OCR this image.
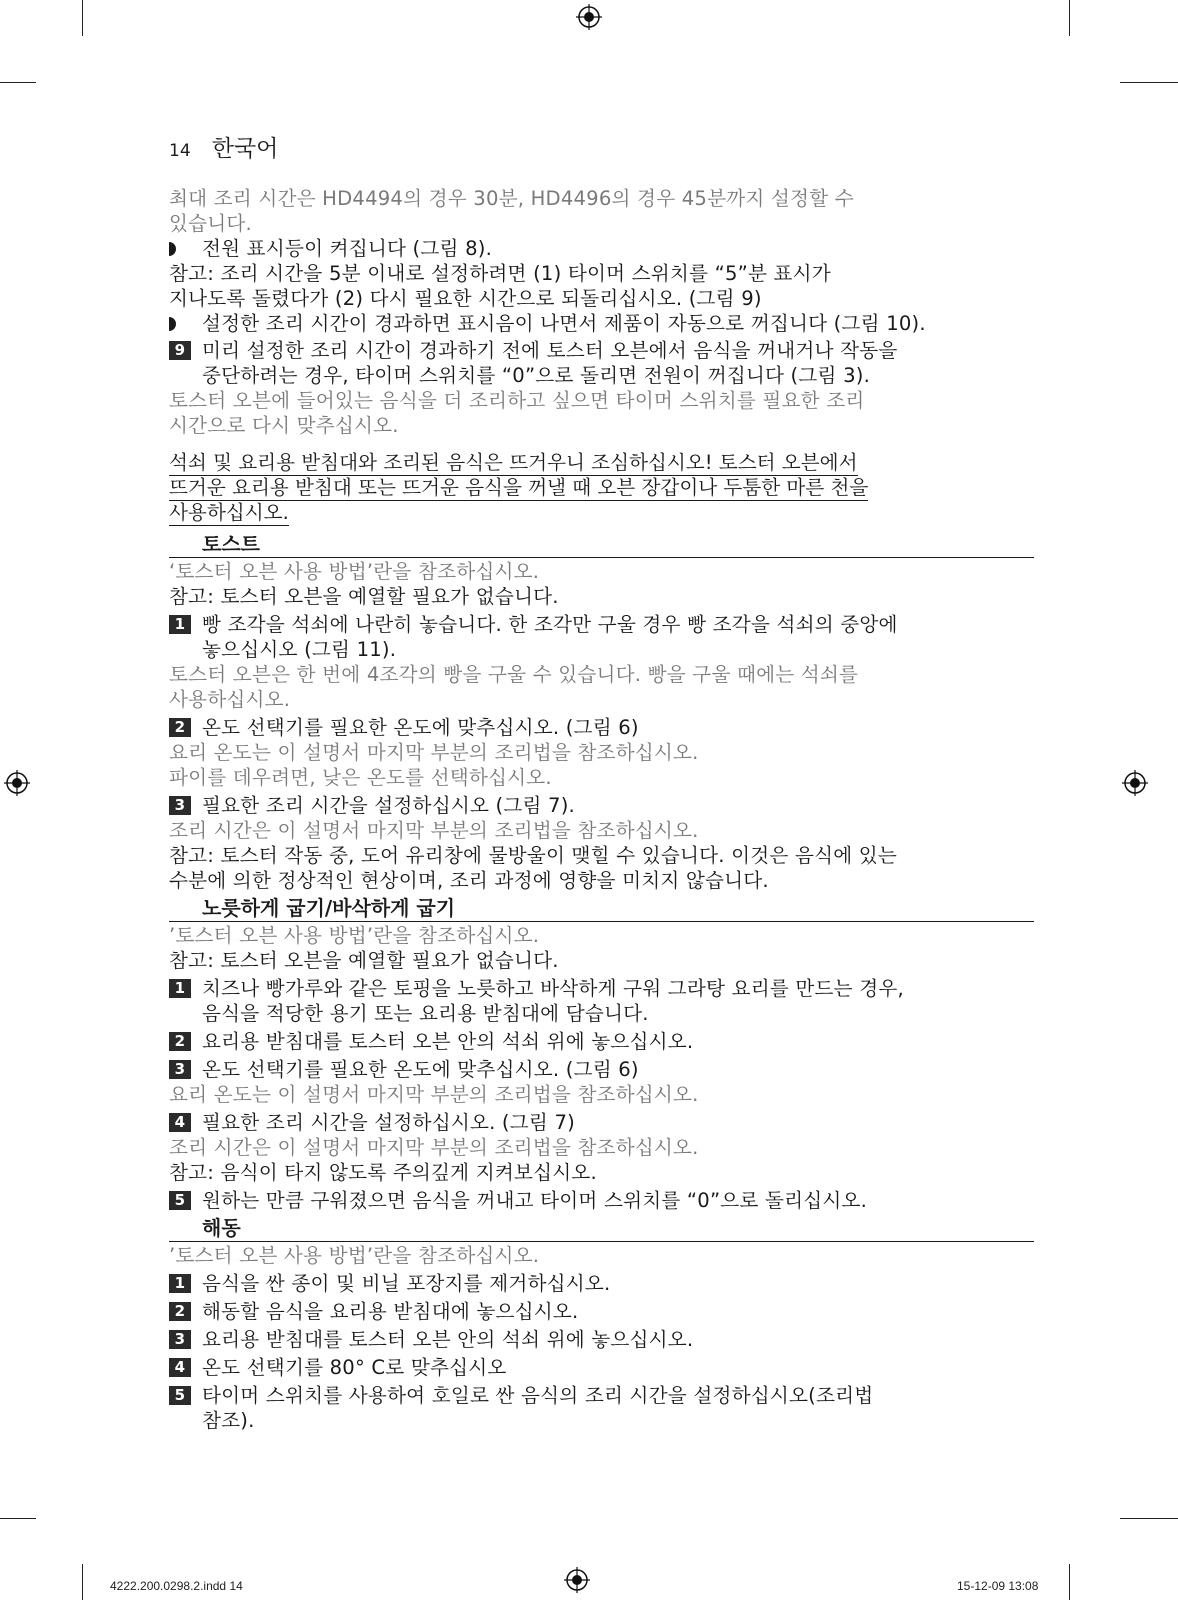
14 한국어

최대 조리 시간은 HD4494의 경우 30분, HD4496의 경우 45분까지 설정할 수

있습니다.

전원 표시등이 켜집니다 (그림 8).

참고: 조리 시간을 5분 이내로 설정하려면 (1) 타이머 스위치를 “5”분 표시가

지나도록 돌렸다가 (2) 다시 필요한 시간으로 되돌리십시오. (그림 9)

설정한 조리 시간이 경과하면 표시음이 나면서 제품이 자동으로 꺼집니다 (그림 10).

9 미리 설정한 조리 시간이 경과하기 전에 토스터 오븐에서 음식을 꺼내거나 작동을

중단하려는 경우, 타이머 스위치를 “0”으로 돌리면 전원이 꺼집니다 (그림 3).

토스터 오븐에 들어있는 음식을 더 조리하고 싶으면 타이머 스위치를 필요한 조리

시간으로 다시 맞추십시오.

석쇠 및 요리용 받침대와 조리된 음식은 뜨거우니 조심하십시오! 토스터 오븐에서
뜨거운 요리용 받침대 또는 뜨거운 음식을 꺼낼 때 오븐 장갑이나 두툼한 마른 천을
사용하십시오.
토스트

‘토스터 오븐 사용 방법’란을 참조하십시오.

참고: 토스터 오븐을 예열할 필요가 없습니다.

1 빵 조각을 석쇠에 나란히 놓습니다. 한 조각만 구울 경우 빵 조각을 석쇠의 중앙에

놓으십시오 (그림 11).

토스터 오븐은 한 번에 4조각의 빵을 구울 수 있습니다. 빵을 구울 때에는 석쇠를

사용하십시오.

2 온도 선택기를 필요한 온도에 맞추십시오. (그림 6)

요리 온도는 이 설명서 마지막 부분의 조리법을 참조하십시오.

파이를 데우려면, 낮은 온도를 선택하십시오.

3 필요한 조리 시간을 설정하십시오 (그림 7).

조리 시간은 이 설명서 마지막 부분의 조리법을 참조하십시오.

참고: 토스터 작동 중, 도어 유리창에 물방울이 맺힐 수 있습니다. 이것은 음식에 있는

수분에 의한 정상적인 현상이며, 조리 과정에 영향을 미치지 않습니다.

노릇하게 굽기/바삭하게 굽기

’토스터 오븐 사용 방법’란을 참조하십시오.

참고: 토스터 오븐을 예열할 필요가 없습니다.

1 치즈나 빵가루와 같은 토핑을 노릇하고 바삭하게 구워 그라탕 요리를 만드는 경우,

음식을 적당한 용기 또는 요리용 받침대에 담습니다.

2 요리용 받침대를 토스터 오븐 안의 석쇠 위에 놓으십시오.

3 온도 선택기를 필요한 온도에 맞추십시오. (그림 6)

요리 온도는 이 설명서 마지막 부분의 조리법을 참조하십시오.

4 필요한 조리 시간을 설정하십시오. (그림 7)

조리 시간은 이 설명서 마지막 부분의 조리법을 참조하십시오.

참고: 음식이 타지 않도록 주의깊게 지켜보십시오.

5 원하는 만큼 구워졌으면 음식을 꺼내고 타이머 스위치를 “0”으로 돌리십시오.

해동

’토스터 오븐 사용 방법’란을 참조하십시오.

1 음식을 싼 종이 및 비닐 포장지를 제거하십시오.

2 해동할 음식을 요리용 받침대에 놓으십시오.

3 요리용 받침대를 토스터 오븐 안의 석쇠 위에 놓으십시오.

4 온도 선택기를 80° C로 맞추십시오

5 타이머 스위치를 사용하여 호일로 싼 음식의 조리 시간을 설정하십시오(조리법

참조).

4222.200.0298.2.indd 14	15-12-09 13:08
